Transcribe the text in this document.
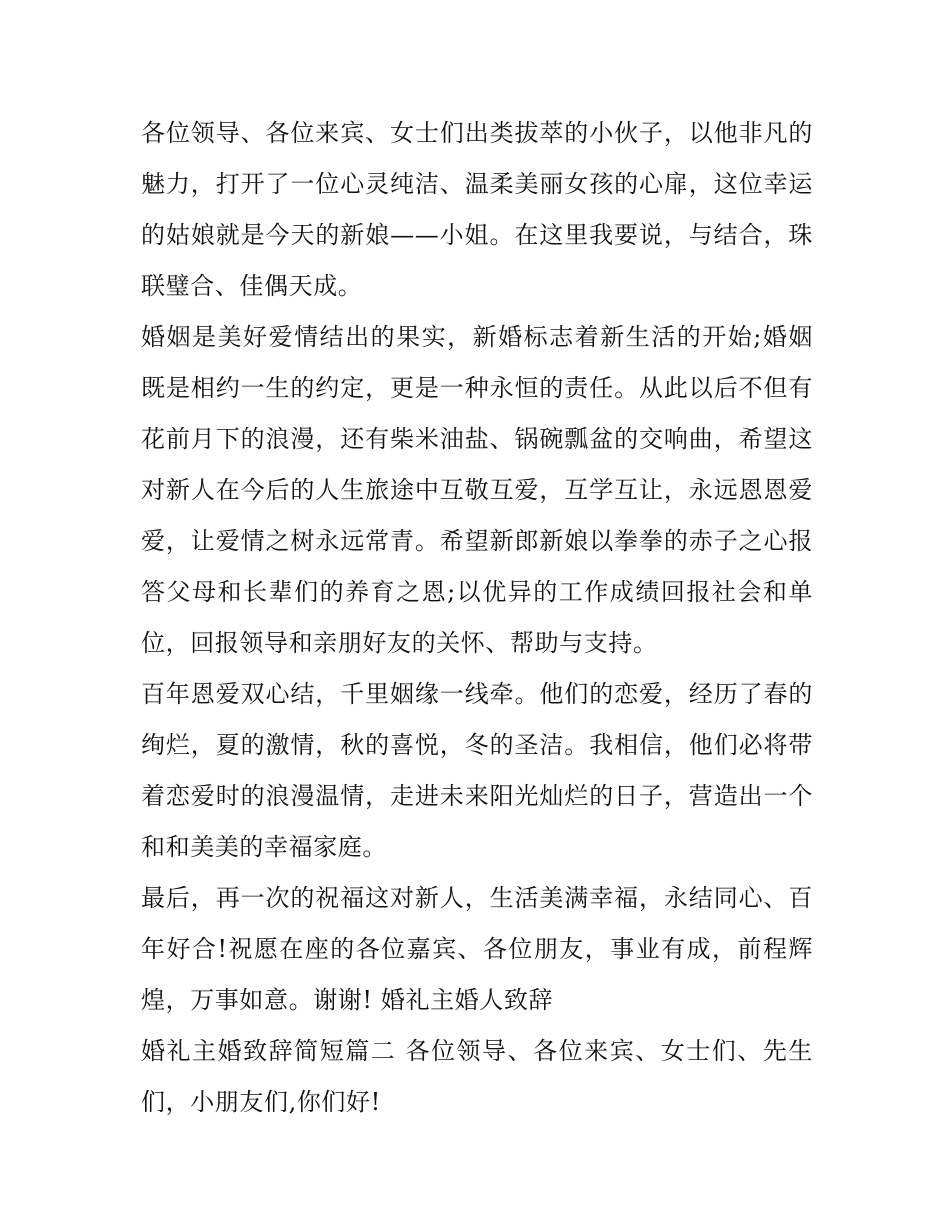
各位领导、各位来宾、女士们出类拔萃的小伙子，以他非凡的魅力，打开了一位心灵纯洁、温柔美丽女孩的心扉，这位幸运的姑娘就是今天的新娘——小姐。在这里我要说，与结合，珠联璧合、佳偶天成。

婚姻是美好爱情结出的果实，新婚标志着新生活的开始;婚姻既是相约一生的约定，更是一种永恒的责任。从此以后不但有花前月下的浪漫，还有柴米油盐、锅碗瓢盆的交响曲，希望这对新人在今后的人生旅途中互敬互爱，互学互让，永远恩恩爱爱，让爱情之树永远常青。希望新郎新娘以拳拳的赤子之心报答父母和长辈们的养育之恩;以优异的工作成绩回报社会和单位，回报领导和亲朋好友的关怀、帮助与支持。

百年恩爱双心结，千里姻缘一线牵。他们的恋爱，经历了春的绚烂，夏的激情，秋的喜悦，冬的圣洁。我相信，他们必将带着恋爱时的浪漫温情，走进未来阳光灿烂的日子，营造出一个和和美美的幸福家庭。

最后，再一次的祝福这对新人，生活美满幸福，永结同心、百年好合!祝愿在座的各位嘉宾、各位朋友，事业有成，前程辉煌，万事如意。谢谢! 婚礼主婚人致辞

婚礼主婚致辞简短篇二 各位领导、各位来宾、女士们、先生们，小朋友们,你们好!
